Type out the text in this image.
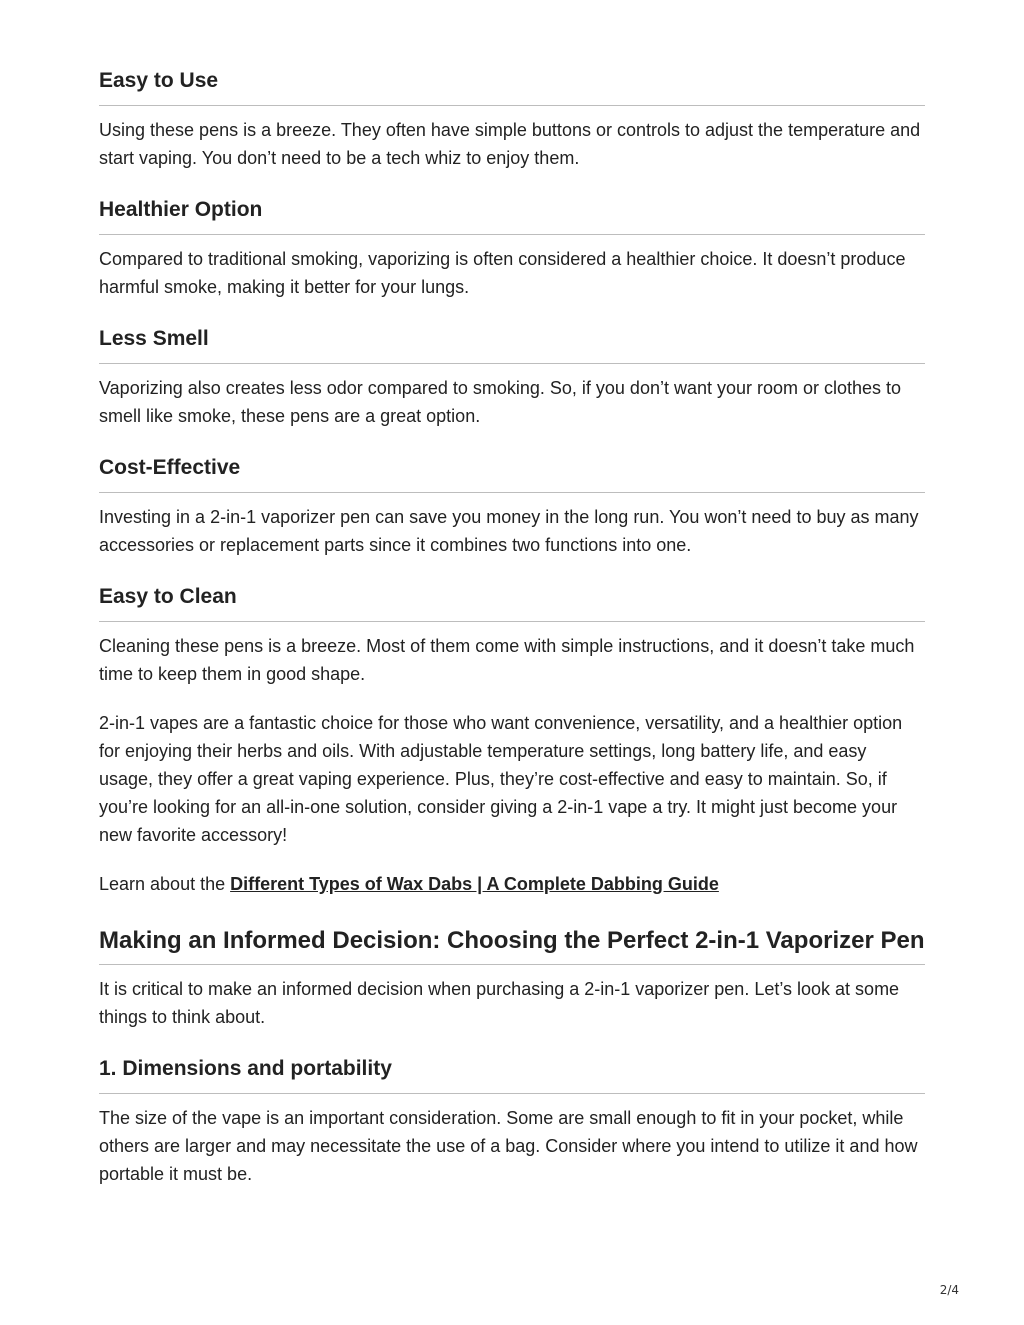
Easy to Use

Using these pens is a breeze. They often have simple buttons or controls to adjust the temperature and start vaping. You don’t need to be a tech whiz to enjoy them.

Healthier Option

Compared to traditional smoking, vaporizing is often considered a healthier choice. It doesn’t produce harmful smoke, making it better for your lungs.

Less Smell

Vaporizing also creates less odor compared to smoking. So, if you don’t want your room or clothes to smell like smoke, these pens are a great option.

Cost-Effective

Investing in a 2-in-1 vaporizer pen can save you money in the long run. You won’t need to buy as many accessories or replacement parts since it combines two functions into one.

Easy to Clean

Cleaning these pens is a breeze. Most of them come with simple instructions, and it doesn’t take much time to keep them in good shape.

2-in-1 vapes are a fantastic choice for those who want convenience, versatility, and a healthier option for enjoying their herbs and oils. With adjustable temperature settings, long battery life, and easy usage, they offer a great vaping experience. Plus, they’re cost-effective and easy to maintain. So, if you’re looking for an all-in-one solution, consider giving a 2-in-1 vape a try. It might just become your new favorite accessory!

Learn about the Different Types of Wax Dabs | A Complete Dabbing Guide

Making an Informed Decision: Choosing the Perfect 2-in-1 Vaporizer Pen

It is critical to make an informed decision when purchasing a 2-in-1 vaporizer pen. Let’s look at some things to think about.

1. Dimensions and portability

The size of the vape is an important consideration. Some are small enough to fit in your pocket, while others are larger and may necessitate the use of a bag. Consider where you intend to utilize it and how portable it must be.

2/4
